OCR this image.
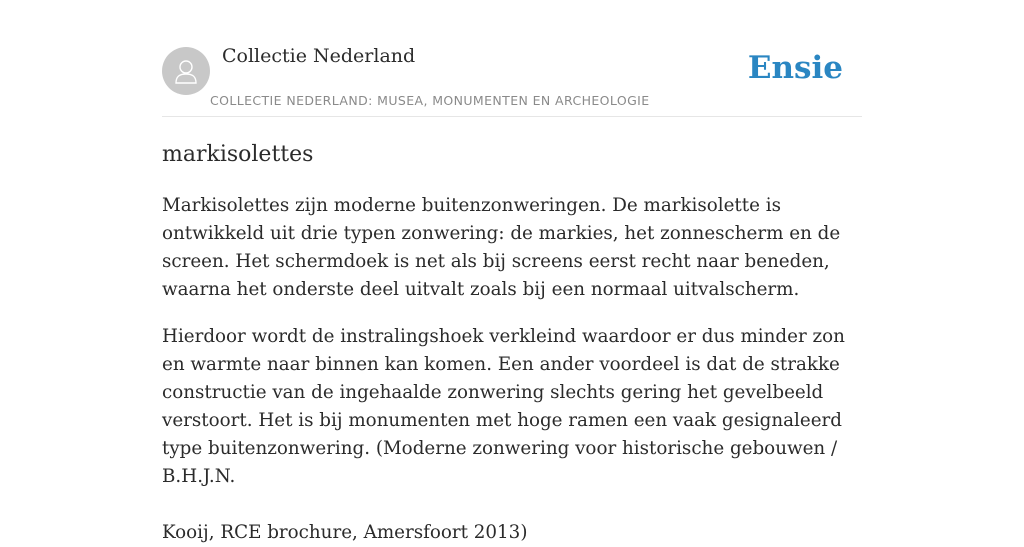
Collectie Nederland
COLLECTIE NEDERLAND: MUSEA, MONUMENTEN EN ARCHEOLOGIE
Ensie
markisolettes

Markisolettes zijn moderne buitenzonweringen. De markisolette is ontwikkeld uit drie typen zonwering: de markies, het zonnescherm en de screen. Het schermdoek is net als bij screens eerst recht naar beneden, waarna het onderste deel uitvalt zoals bij een normaal uitvalscherm.

Hierdoor wordt de instralingshoek verkleind waardoor er dus minder zon en warmte naar binnen kan komen. Een ander voordeel is dat de strakke constructie van de ingehaalde zonwering slechts gering het gevelbeeld verstoort. Het is bij monumenten met hoge ramen een vaak gesignaleerd type buitenzonwering. (Moderne zonwering voor historische gebouwen / B.H.J.N.

Kooij, RCE brochure, Amersfoort 2013)
